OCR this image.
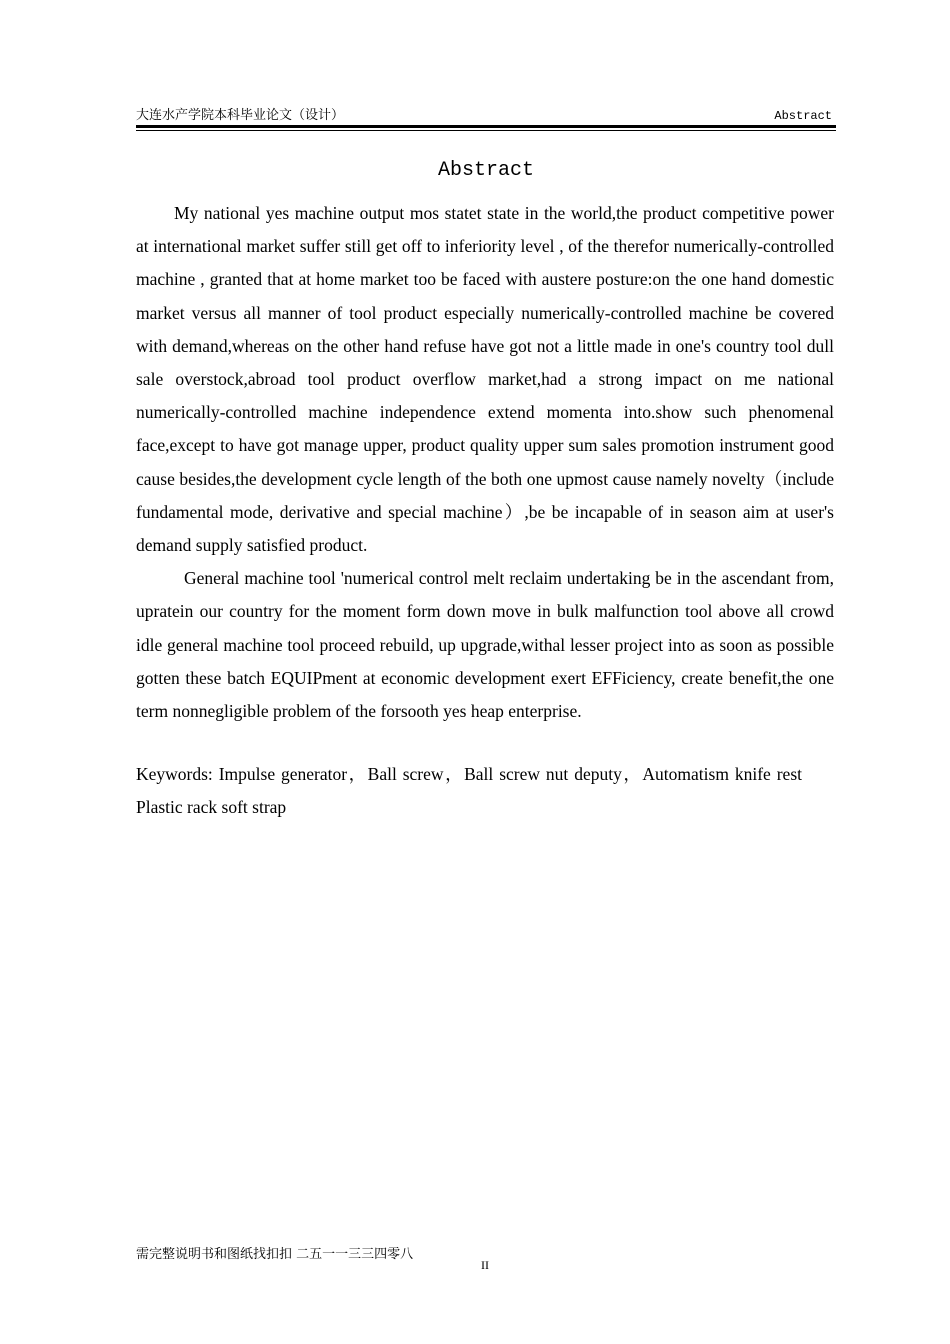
大连水产学院本科毕业论文（设计）	Abstract
Abstract

My national yes machine output mos statet state in the world,the product competitive power at international market suffer still get off to inferiority level , of the therefor numerically-controlled machine , granted that at home market too be faced with austere posture:on the one hand domestic market versus all manner of tool product especially numerically-controlled machine be covered with demand,whereas on the other hand refuse have got not a little made in one's country tool dull sale overstock,abroad tool product overflow market,had a strong impact on me national numerically-controlled machine independence extend momenta into.show such phenomenal face,except to have got manage upper, product quality upper sum sales promotion instrument good cause besides,the development cycle length of the both one upmost cause namely novelty（include fundamental mode, derivative and special machine）,be be incapable of in season aim at user's demand supply satisfied product.

General machine tool 'numerical control melt reclaim undertaking be in the ascendant from, upratein our country for the moment form down move in bulk malfunction tool above all crowd idle general machine tool proceed rebuild, up upgrade,withal lesser project into as soon as possible gotten these batch EQUIPment at economic development exert EFFiciency, create benefit,the one term nonnegligible problem of the forsooth yes heap enterprise.

Keywords: Impulse generator，Ball screw，Ball screw nut deputy，Automatism knife restPlastic rack soft strap

需完整说明书和图纸找扣扣 二五一一三三四零八
II
